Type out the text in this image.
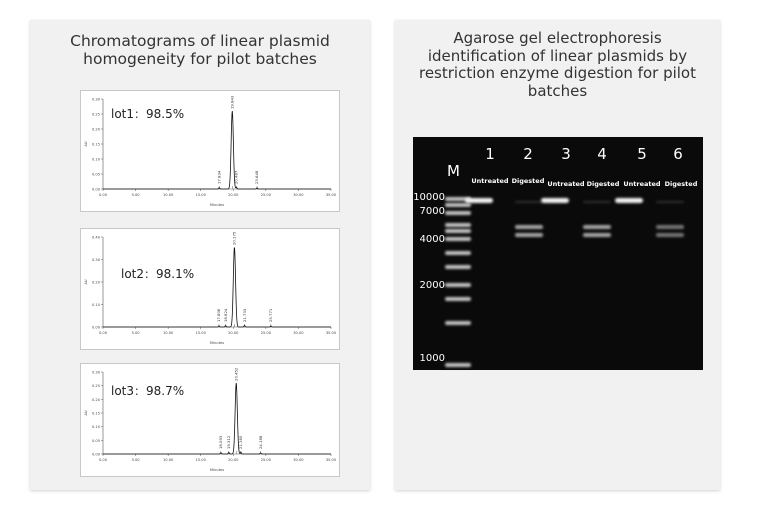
Chromatograms of linear plasmid homogeneity for pilot batches
0.00
0.05
0.10
0.15
0.20
0.25
0.30
0.00	5.00	10.00	15.00	20.00	25.00	30.00	35.00
Minutes
AU
17.834
19.843
20.487	23.648
lot1：98.5%
0.00
0.10
0.20
0.30
0.40
0.00	5.00	10.00	15.00	20.00	25.00	30.00	35.00
Minutes
AU
17.806 18.824
20.175
21.733	25.771
lot2：98.1%
0.00
0.05
0.10
0.15
0.20
0.25
0.30
0.00	5.00	10.00	15.00	20.00	25.00	30.00	35.00
Minutes
AU
18.093 19.312
20.452
21.160	24.188
lot3：98.7%
Agarose gel electrophoresis identification of linear plasmids by restriction enzyme digestion for pilot batches
M
10000
7000
4000
2000
1000
1	2	3	4	5	6
Untreated Digested Untreated Digested Untreated Digested
